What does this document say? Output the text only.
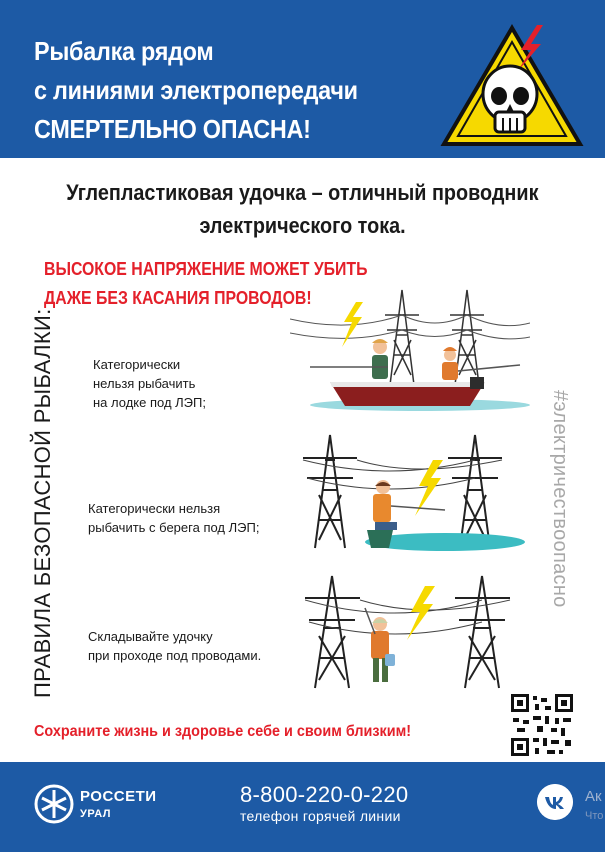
Рыбалка рядом
с линиями электропередачи
СМЕРТЕЛЬНО ОПАСНА!
Углепластиковая удочка – отличный проводник
электрического тока.
ВЫСОКОЕ НАПРЯЖЕНИЕ МОЖЕТ УБИТЬ
ДАЖЕ БЕЗ КАСАНИЯ ПРОВОДОВ!
ПРАВИЛА БЕЗОПАСНОЙ РЫБАЛКИ:	#электричествоопасно
Категорически
нельзя рыбачить
на лодке под ЛЭП;
Категорически нельзя
рыбачить с берега под ЛЭП;
Складывайте удочку
при проходе под проводами.
Сохраните жизнь и здоровье себе и своим близким!
РОССЕТИ
УРАЛ
8-800-220-0-220
телефон горячей линии
Ак
Что
